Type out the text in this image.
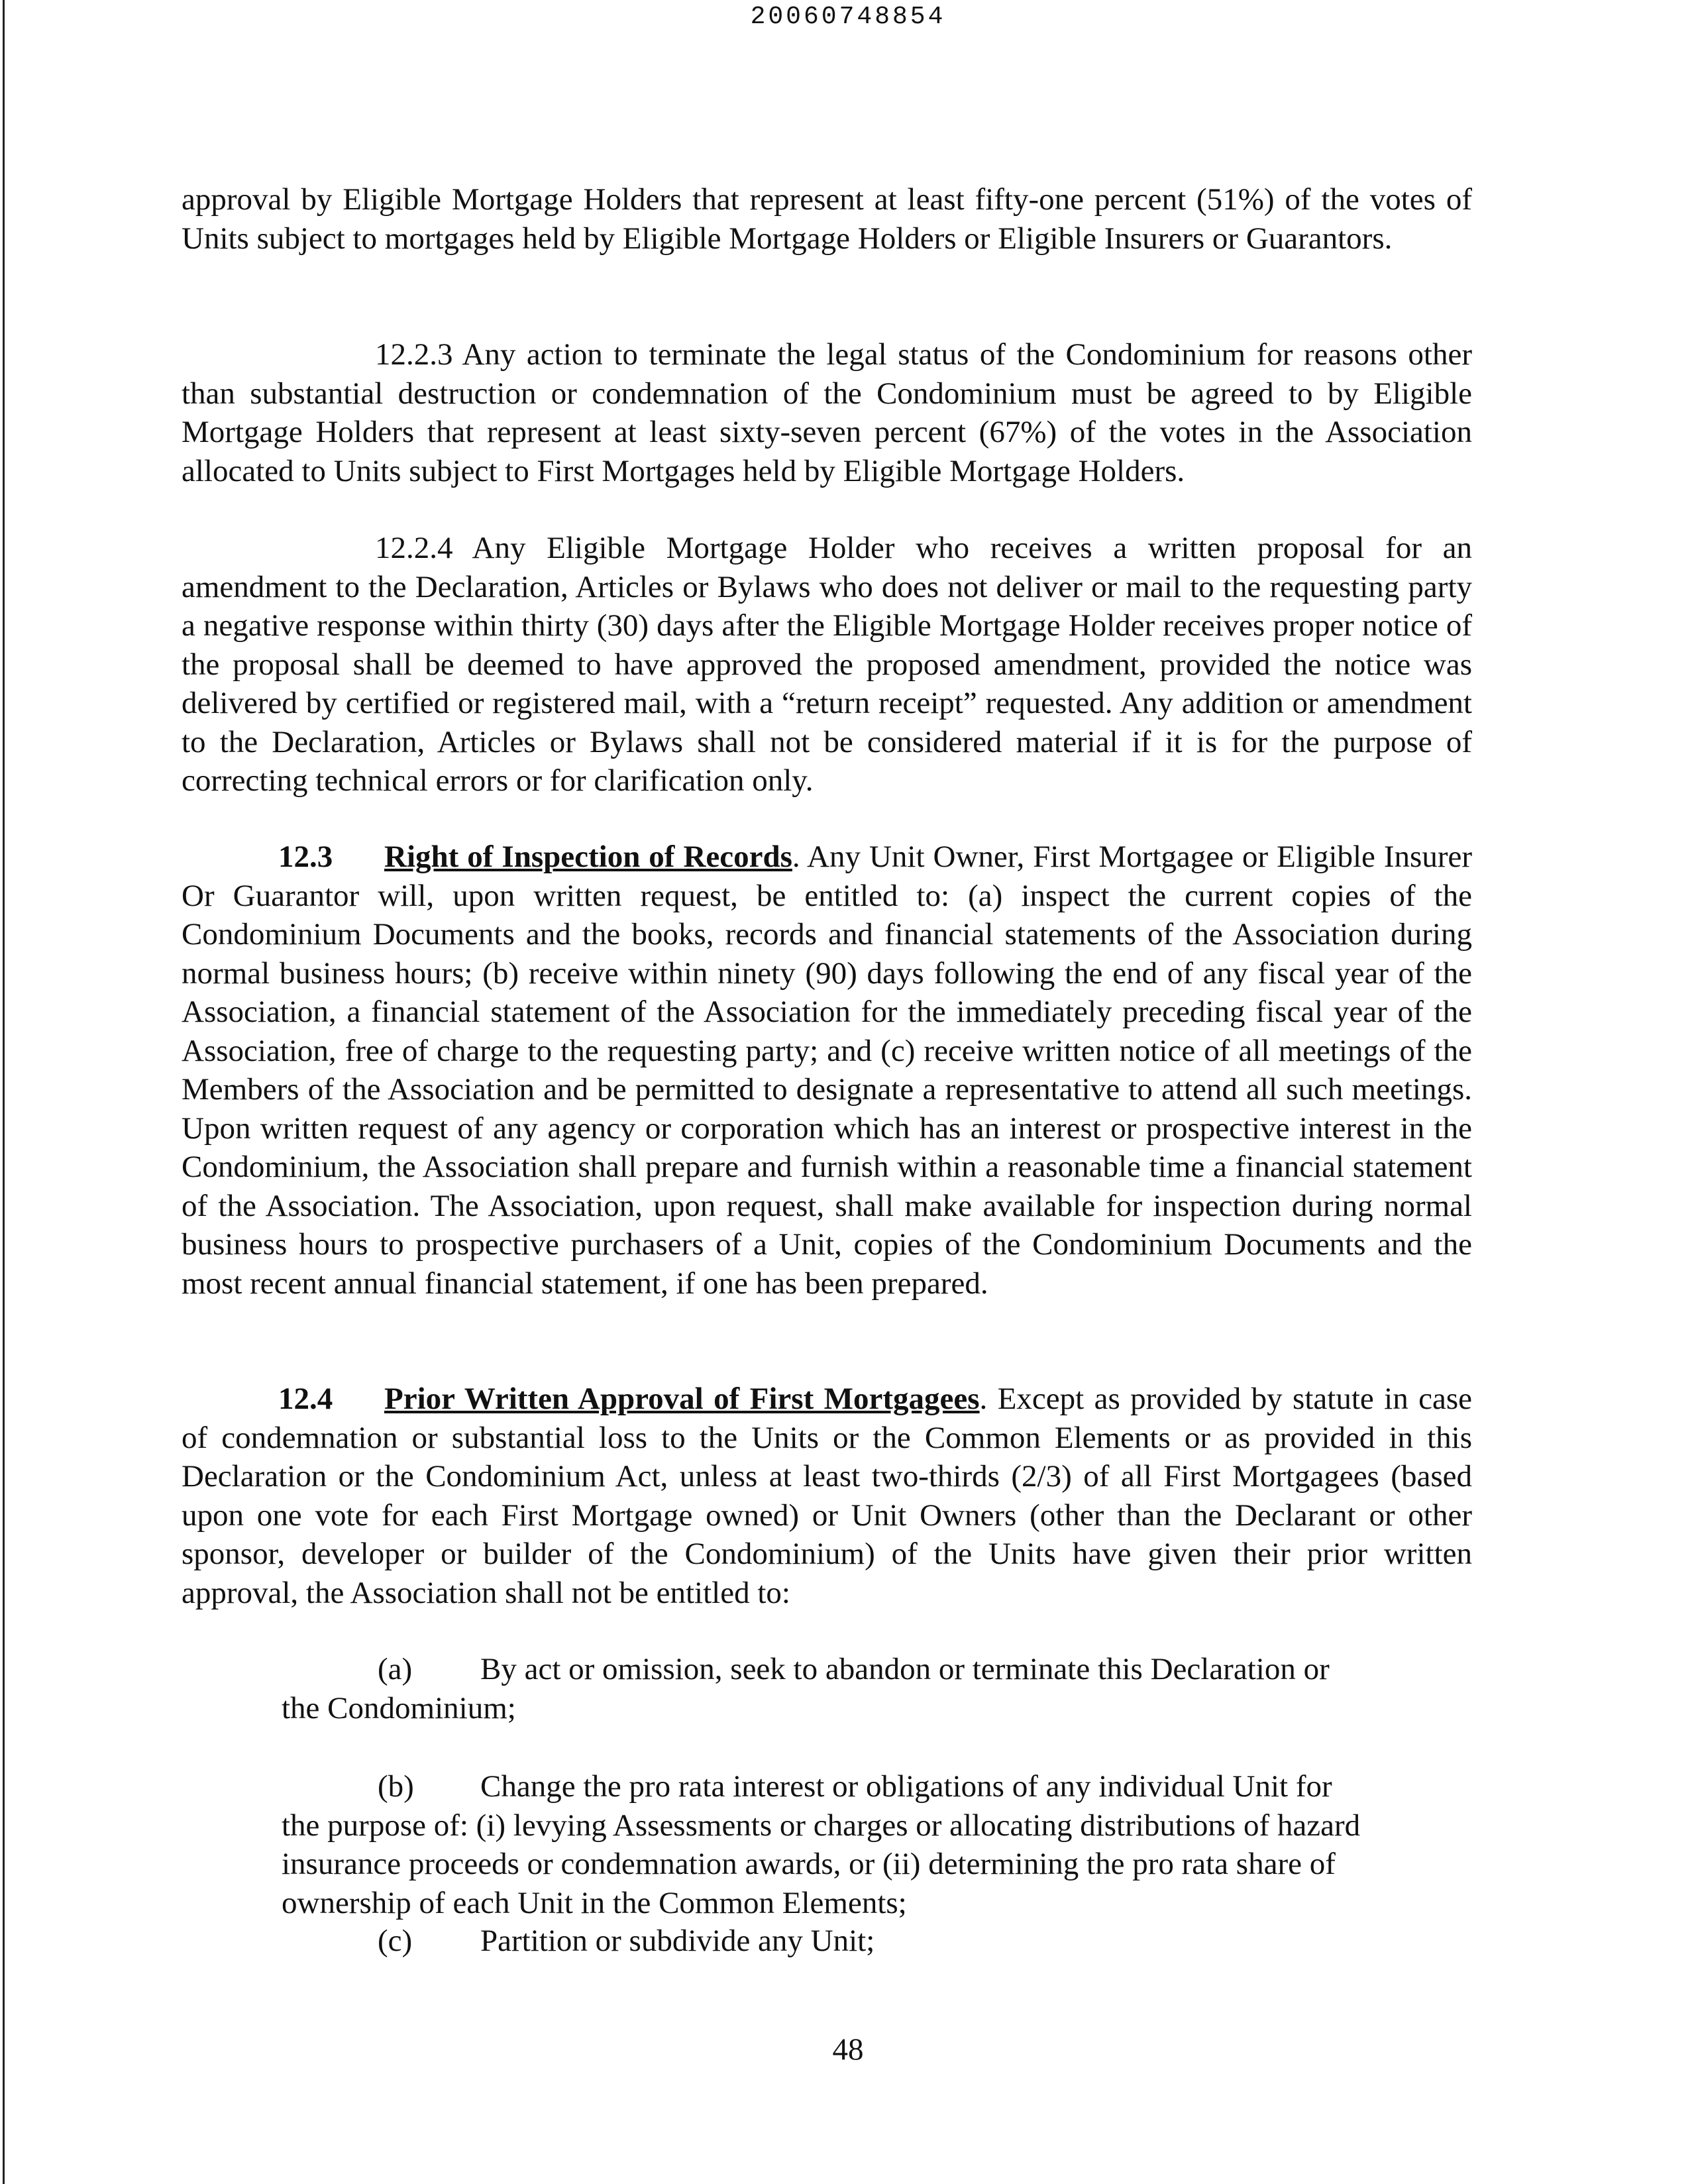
20060748854

approval by Eligible Mortgage Holders that represent at least fifty-one percent (51%) of the votes of Units subject to mortgages held by Eligible Mortgage Holders or Eligible Insurers or Guarantors.

12.2.3 Any action to terminate the legal status of the Condominium for reasons other than substantial destruction or condemnation of the Condominium must be agreed to by Eligible Mortgage Holders that represent at least sixty-seven percent (67%) of the votes in the Association allocated to Units subject to First Mortgages held by Eligible Mortgage Holders.

12.2.4 Any Eligible Mortgage Holder who receives a written proposal for an amendment to the Declaration, Articles or Bylaws who does not deliver or mail to the requesting party a negative response within thirty (30) days after the Eligible Mortgage Holder receives proper notice of the proposal shall be deemed to have approved the proposed amendment, provided the notice was delivered by certified or registered mail, with a “return receipt” requested. Any addition or amendment to the Declaration, Articles or Bylaws shall not be considered material if it is for the purpose of correcting technical errors or for clarification only.

12.3 Right of Inspection of Records. Any Unit Owner, First Mortgagee or Eligible Insurer Or Guarantor will, upon written request, be entitled to: (a) inspect the current copies of the Condominium Documents and the books, records and financial statements of the Association during normal business hours; (b) receive within ninety (90) days following the end of any fiscal year of the Association, a financial statement of the Association for the immediately preceding fiscal year of the Association, free of charge to the requesting party; and (c) receive written notice of all meetings of the Members of the Association and be permitted to designate a representative to attend all such meetings. Upon written request of any agency or corporation which has an interest or prospective interest in the Condominium, the Association shall prepare and furnish within a reasonable time a financial statement of the Association. The Association, upon request, shall make available for inspection during normal business hours to prospective purchasers of a Unit, copies of the Condominium Documents and the most recent annual financial statement, if one has been prepared.

12.4 Prior Written Approval of First Mortgagees. Except as provided by statute in case of condemnation or substantial loss to the Units or the Common Elements or as provided in this Declaration or the Condominium Act, unless at least two-thirds (2/3) of all First Mortgagees (based upon one vote for each First Mortgage owned) or Unit Owners (other than the Declarant or other sponsor, developer or builder of the Condominium) of the Units have given their prior written approval, the Association shall not be entitled to:

(a) By act or omission, seek to abandon or terminate this Declaration or the Condominium;

(b) Change the pro rata interest or obligations of any individual Unit for the purpose of: (i) levying Assessments or charges or allocating distributions of hazard insurance proceeds or condemnation awards, or (ii) determining the pro rata share of ownership of each Unit in the Common Elements;

(c) Partition or subdivide any Unit;

48
